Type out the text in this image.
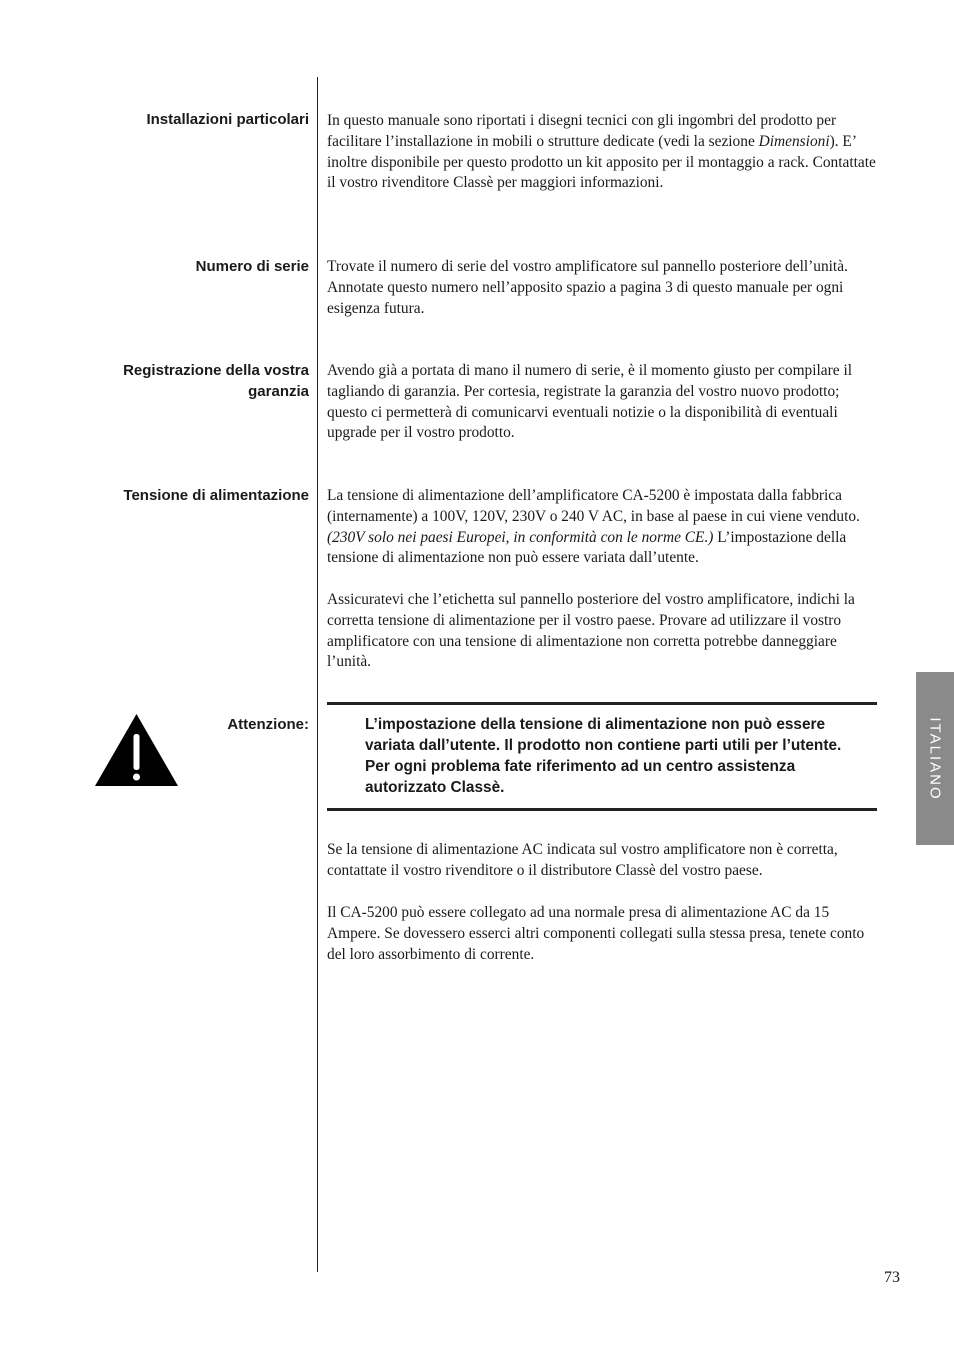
Installazioni particolari In questo manuale sono riportati i disegni tecnici con gli ingombri del prodotto per facilitare l’installazione in mobili o strutture dedicate (vedi la sezione Dimensioni). E’ inoltre disponibile per questo prodotto un kit apposito per il montaggio a rack. Contattate il vostro rivenditore Classè per maggiori informazioni.
Numero di serie Trovate il numero di serie del vostro amplificatore sul pannello posteriore dell’unità. Annotate questo numero nell’apposito spazio a pagina 3 di questo manuale per ogni esigenza futura.
Registrazione della vostra
garanzia
Avendo già a portata di mano il numero di serie, è il momento giusto per compilare il tagliando di garanzia. Per cortesia, registrate la garanzia del vostro nuovo prodotto; questo ci permetterà di comunicarvi eventuali notizie o la disponibilità di eventuali upgrade per il vostro prodotto.
Tensione di alimentazione La tensione di alimentazione dell’amplificatore CA-5200 è impostata dalla fabbrica (internamente) a 100V, 120V, 230V o 240 V AC, in base al paese in cui viene venduto. (230V solo nei paesi Europei, in conformità con le norme CE.) L’impostazione della tensione di alimentazione non può essere variata dall’utente.
Assicuratevi che l’etichetta sul pannello posteriore del vostro amplificatore, indichi la corretta tensione di alimentazione per il vostro paese. Provare ad utilizzare il vostro amplificatore con una tensione di alimentazione non corretta potrebbe danneggiare l’unità.
Attenzione:	L’impostazione della tensione di alimentazione non può essere variata dall’utente. Il prodotto non contiene parti utili per l’utente. Per ogni problema fate riferimento ad un centro assistenza autorizzato Classè.
Se la tensione di alimentazione AC indicata sul vostro amplificatore non è corretta, contattate il vostro rivenditore o il distributore Classè del vostro paese.
Il CA-5200 può essere collegato ad una normale presa di alimentazione AC da 15 Ampere. Se dovessero esserci altri componenti collegati sulla stessa presa, tenete conto del loro assorbimento di corrente.
ITALIANO
73
